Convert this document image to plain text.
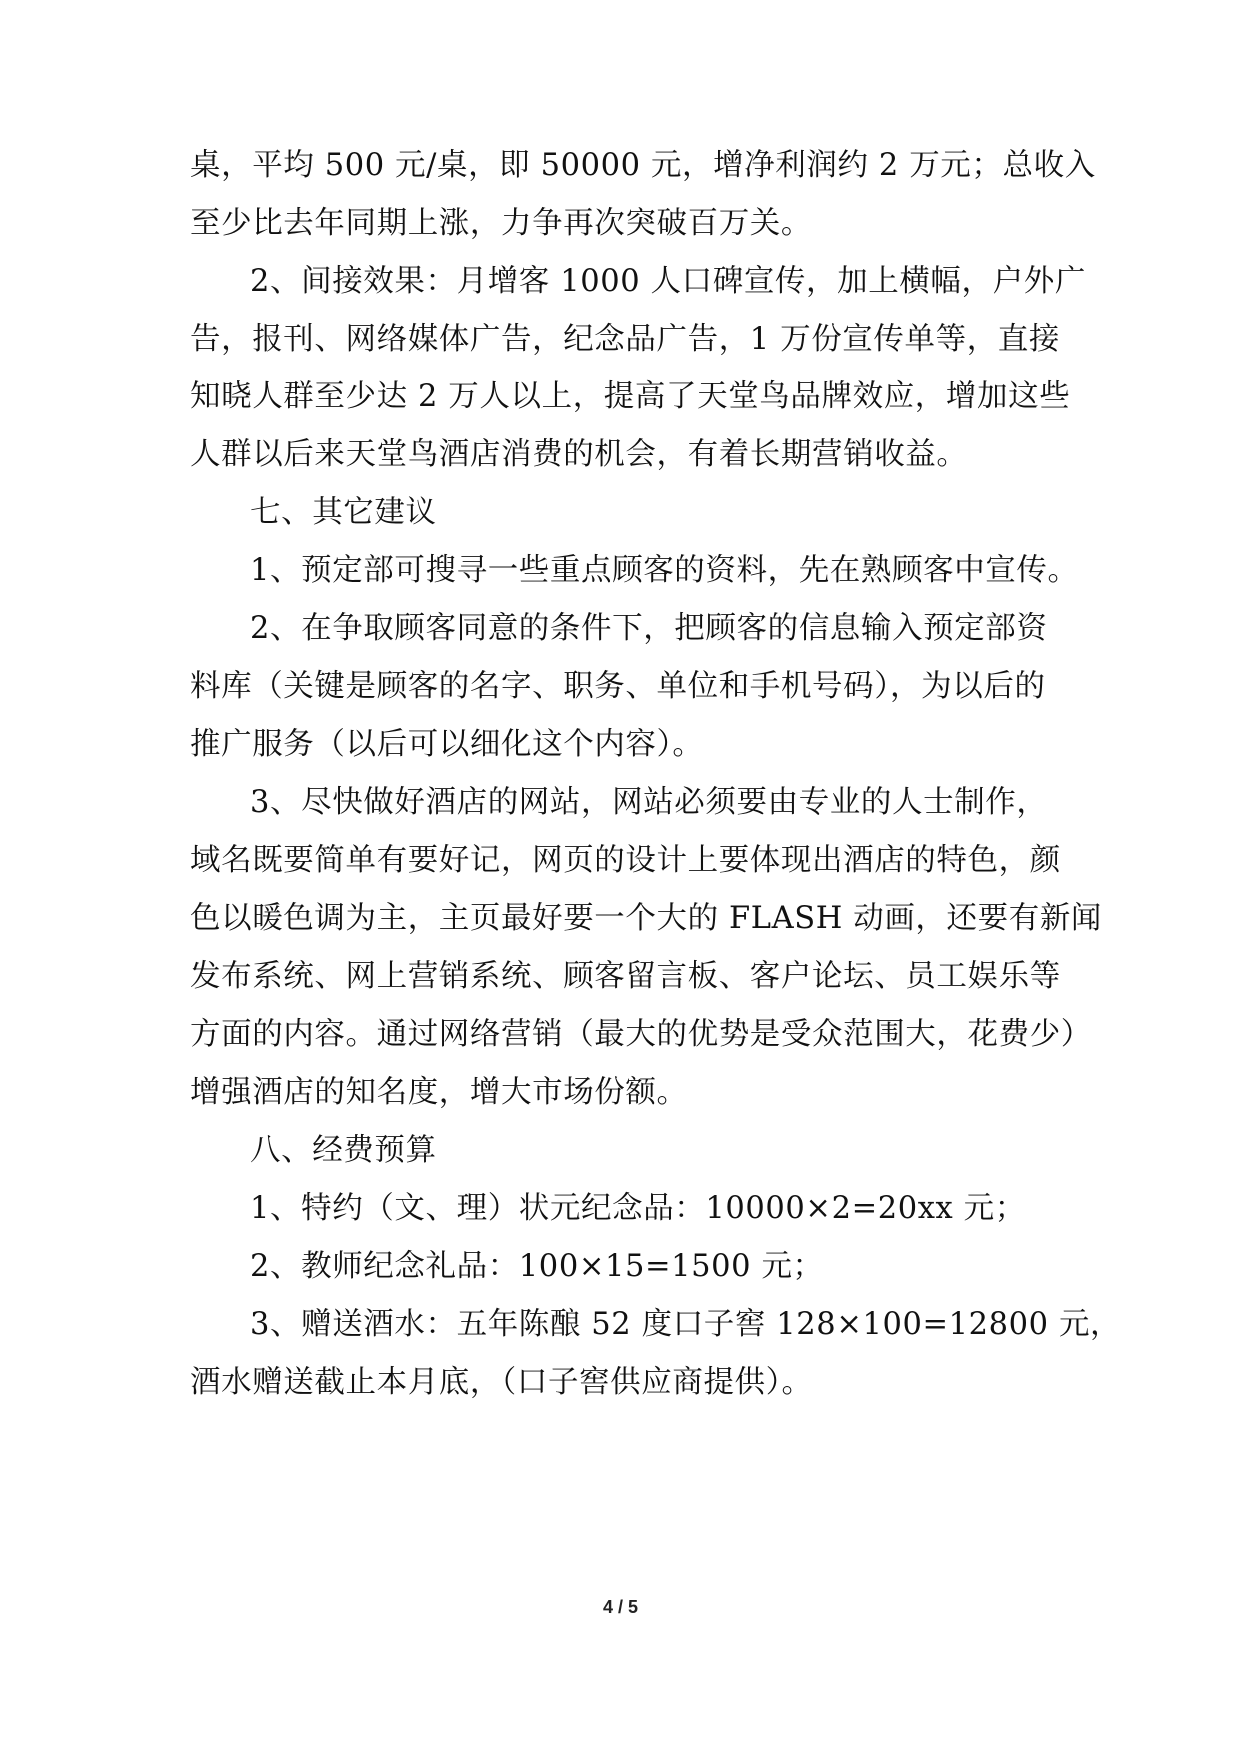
桌，平均 500 元/桌，即 50000 元，增净利润约 2 万元；总收入
至少比去年同期上涨，力争再次突破百万关。
2、间接效果：月增客 1000 人口碑宣传，加上横幅，户外广
告，报刊、网络媒体广告，纪念品广告，1 万份宣传单等，直接
知晓人群至少达 2 万人以上，提高了天堂鸟品牌效应，增加这些
人群以后来天堂鸟酒店消费的机会，有着长期营销收益。
七、其它建议
1、预定部可搜寻一些重点顾客的资料，先在熟顾客中宣传。
2、在争取顾客同意的条件下，把顾客的信息输入预定部资
料库（关键是顾客的名字、职务、单位和手机号码），为以后的
推广服务（以后可以细化这个内容）。
3、尽快做好酒店的网站，网站必须要由专业的人士制作，
域名既要简单有要好记，网页的设计上要体现出酒店的特色，颜
色以暖色调为主，主页最好要一个大的 FLASH 动画，还要有新闻
发布系统、网上营销系统、顾客留言板、客户论坛、员工娱乐等
方面的内容。通过网络营销（最大的优势是受众范围大，花费少）
增强酒店的知名度，增大市场份额。
八、经费预算
1、特约（文、理）状元纪念品：10000×2=20xx 元；
2、教师纪念礼品：100×15=1500 元；
3、赠送酒水：五年陈酿 52 度口子窖 128×100=12800 元，
酒水赠送截止本月底，（口子窖供应商提供）。
4 / 5
